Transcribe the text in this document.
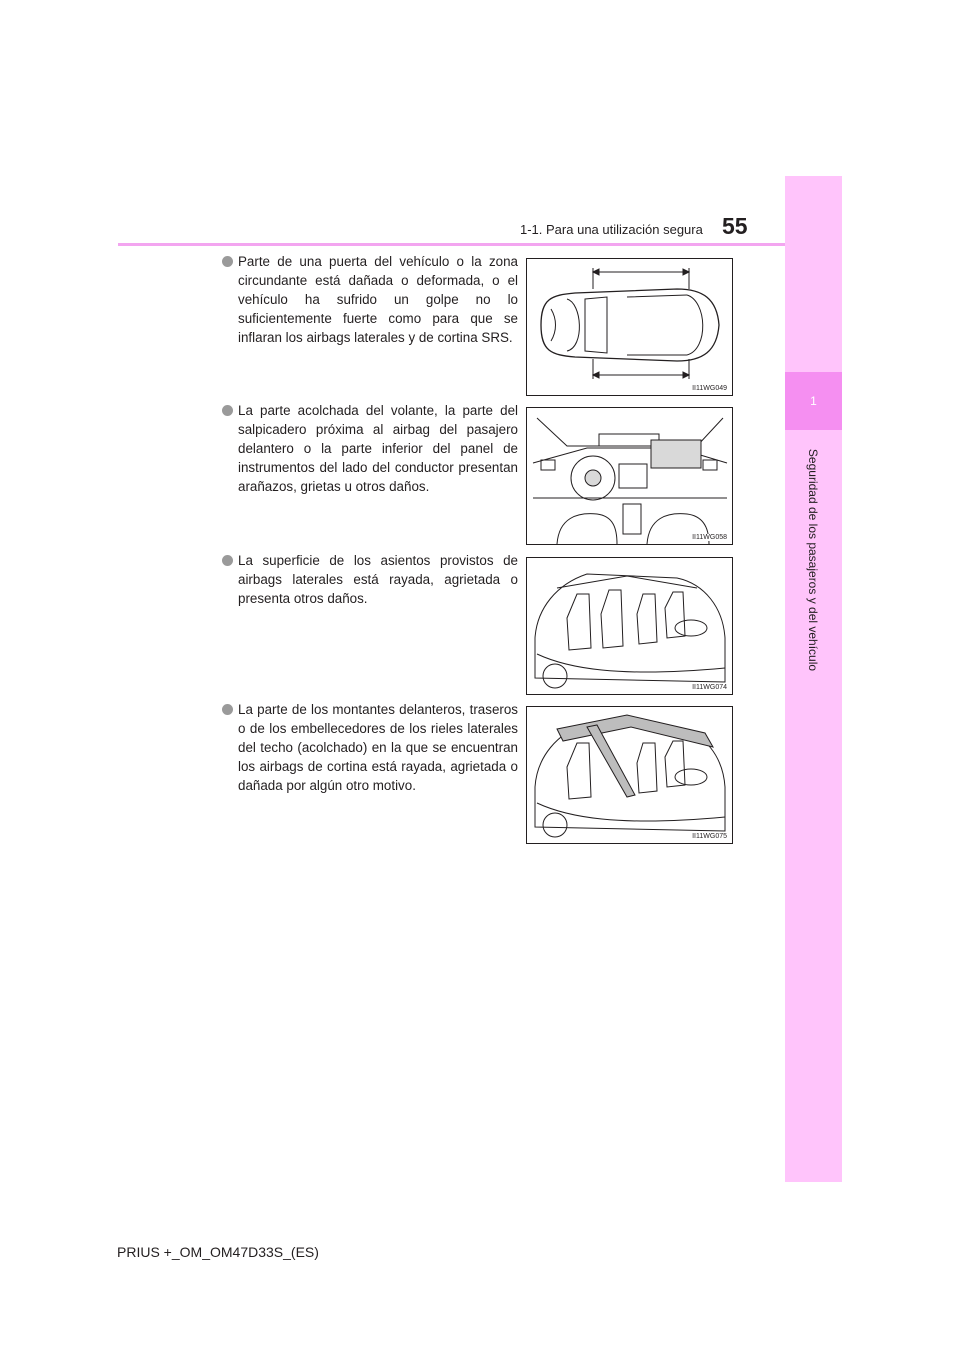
1-1. Para una utilización segura 55
1
Seguridad de los pasajeros y del vehículo
Parte de una puerta del vehículo o la zona circundante está dañada o deformada, o el vehículo ha sufrido un golpe no lo suficientemente fuerte como para que se inflaran los airbags laterales y de cortina SRS.
II11WG049
La parte acolchada del volante, la parte del salpicadero próxima al airbag del pasajero delantero o la parte inferior del panel de instrumentos del lado del conductor presentan arañazos, grietas u otros daños.
II11WG058
La superficie de los asientos provistos de airbags laterales está rayada, agrietada o presenta otros daños.
II11WG074
La parte de los montantes delanteros, traseros o de los embellecedores de los rieles laterales del techo (acolchado) en la que se encuentran los airbags de cortina está rayada, agrietada o dañada por algún otro motivo.
II11WG075
PRIUS +_OM_OM47D33S_(ES)
